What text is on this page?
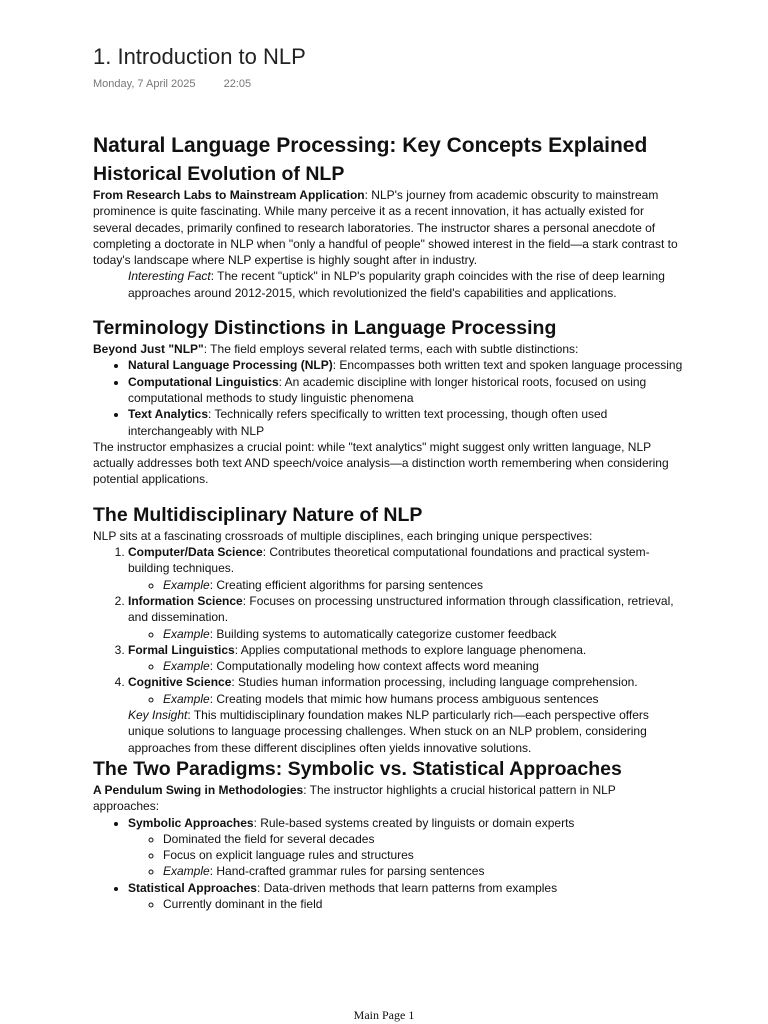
1. Introduction to NLP
Monday, 7 April 2025	22:05
Natural Language Processing: Key Concepts Explained
Historical Evolution of NLP

From Research Labs to Mainstream Application: NLP's journey from academic obscurity to mainstream prominence is quite fascinating. While many perceive it as a recent innovation, it has actually existed for several decades, primarily confined to research laboratories. The instructor shares a personal anecdote of completing a doctorate in NLP when "only a handful of people" showed interest in the field—a stark contrast to today's landscape where NLP expertise is highly sought after in industry.

Interesting Fact: The recent "uptick" in NLP's popularity graph coincides with the rise of deep learning approaches around 2012-2015, which revolutionized the field's capabilities and applications.

Terminology Distinctions in Language Processing

Beyond Just "NLP": The field employs several related terms, each with subtle distinctions:

• Natural Language Processing (NLP): Encompasses both written text and spoken language processing
• Computational Linguistics: An academic discipline with longer historical roots, focused on using computational methods to study linguistic phenomena
• Text Analytics: Technically refers specifically to written text processing, though often used interchangeably with NLP

The instructor emphasizes a crucial point: while "text analytics" might suggest only written language, NLP actually addresses both text AND speech/voice analysis—a distinction worth remembering when considering potential applications.

The Multidisciplinary Nature of NLP

NLP sits at a fascinating crossroads of multiple disciplines, each bringing unique perspectives:

1. Computer/Data Science: Contributes theoretical computational foundations and practical system-building techniques.
◦ Example: Creating efficient algorithms for parsing sentences
2. Information Science: Focuses on processing unstructured information through classification, retrieval, and dissemination.
◦ Example: Building systems to automatically categorize customer feedback
3. Formal Linguistics: Applies computational methods to explore language phenomena.
◦ Example: Computationally modeling how context affects word meaning
4. Cognitive Science: Studies human information processing, including language comprehension.
◦ Example: Creating models that mimic how humans process ambiguous sentences

Key Insight: This multidisciplinary foundation makes NLP particularly rich—each perspective offers unique solutions to language processing challenges. When stuck on an NLP problem, considering approaches from these different disciplines often yields innovative solutions.

The Two Paradigms: Symbolic vs. Statistical Approaches

A Pendulum Swing in Methodologies: The instructor highlights a crucial historical pattern in NLP approaches:

• Symbolic Approaches: Rule-based systems created by linguists or domain experts
◦ Dominated the field for several decades
◦ Focus on explicit language rules and structures
◦ Example: Hand-crafted grammar rules for parsing sentences
• Statistical Approaches: Data-driven methods that learn patterns from examples
◦ Currently dominant in the field
Main Page 1
